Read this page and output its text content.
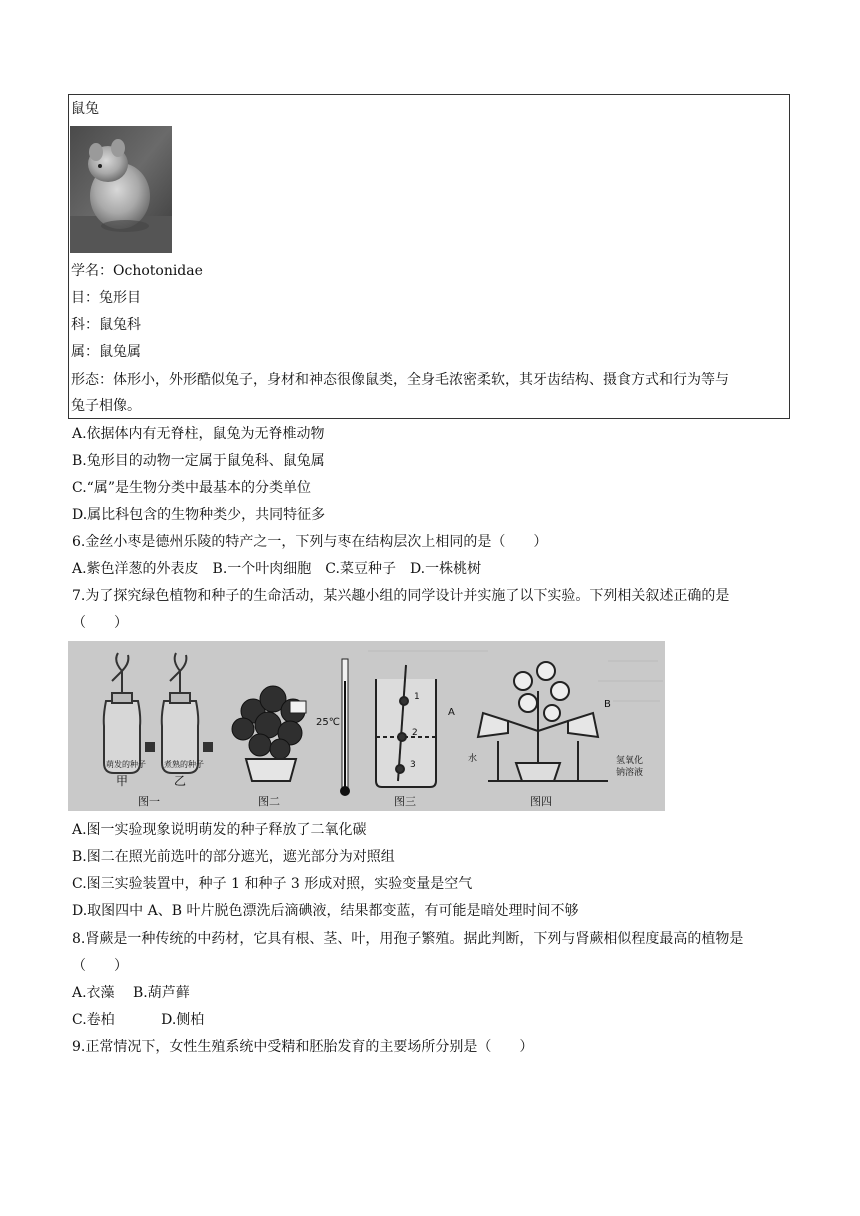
鼠兔
学名：Ochotonidae
目：兔形目
科：鼠兔科
属：鼠兔属
形态：体形小，外形酷似兔子，身材和神态很像鼠类，全身毛浓密柔软，其牙齿结构、摄食方式和行为等与
兔子相像。
A.依据体内有无脊柱，鼠兔为无脊椎动物
B.兔形目的动物一定属于鼠兔科、鼠兔属
C.“属”是生物分类中最基本的分类单位
D.属比科包含的生物种类少，共同特征多
6.金丝小枣是德州乐陵的特产之一，下列与枣在结构层次上相同的是（　　）
A.紫色洋葱的外表皮　B.一个叶肉细胞　C.菜豆种子　D.一株桃树
7.为了探究绿色植物和种子的生命活动，某兴趣小组的同学设计并实施了以下实验。下列相关叙述正确的是
（　　）
萌发的种子 煮熟的种子
甲	乙
图一	图二
25℃
1
2
3
图三
A
B
水	氢氧化
钠溶液
图四
A.图一实验现象说明萌发的种子释放了二氧化碳
B.图二在照光前选叶的部分遮光，遮光部分为对照组
C.图三实验装置中，种子 1 和种子 3 形成对照，实验变量是空气
D.取图四中 A、B 叶片脱色漂洗后滴碘液，结果都变蓝，有可能是暗处理时间不够
8.肾蕨是一种传统的中药材，它具有根、茎、叶，用孢子繁殖。据此判断，下列与肾蕨相似程度最高的植物是
（　　）
A.衣藻　 B.葫芦藓
C.卷柏　　　 D.侧柏
9.正常情况下，女性生殖系统中受精和胚胎发育的主要场所分别是（　　）
